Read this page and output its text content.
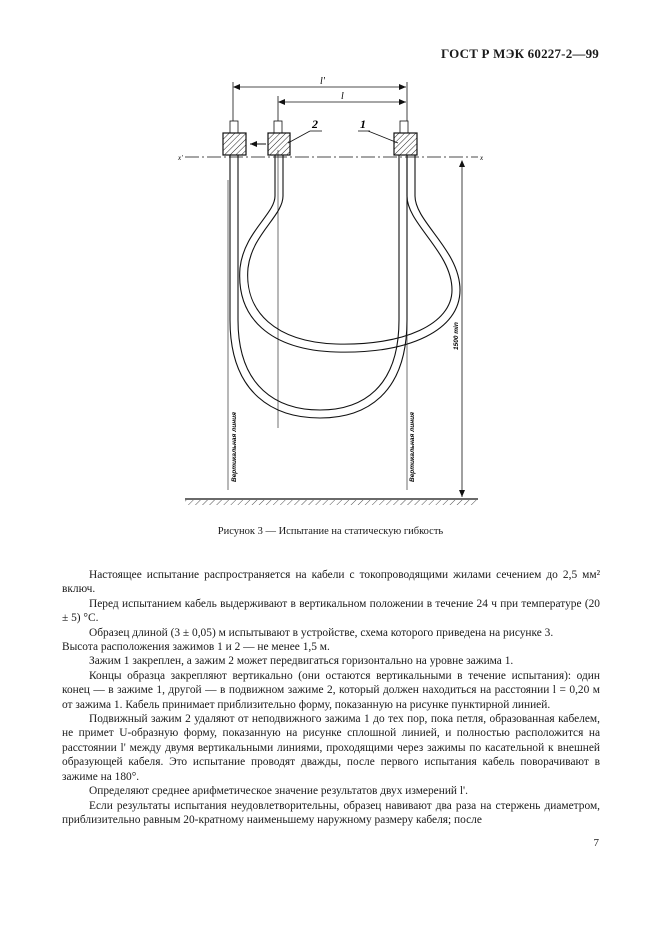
ГОСТ Р МЭК 60227-2—99
l'
l
x'	x
2	1
Вертикальная линия	Вертикальная линия
1500 min
Рисунок 3 — Испытание на статическую гибкость

Настоящее испытание распространяется на кабели с токопроводящими жилами сечением до 2,5 мм² включ.

Перед испытанием кабель выдерживают в вертикальном положении в течение 24 ч при температуре (20 ± 5) °C.

Образец длиной (3 ± 0,05) м испытывают в устройстве, схема которого приведена на рисунке 3.

Высота расположения зажимов 1 и 2 — не менее 1,5 м.

Зажим 1 закреплен, а зажим 2 может передвигаться горизонтально на уровне зажима 1.

Концы образца закрепляют вертикально (они остаются вертикальными в течение испытания): один конец — в зажиме 1, другой — в подвижном зажиме 2, который должен находиться на расстоянии l = 0,20 м от зажима 1. Кабель принимает приблизительно форму, показанную на рисунке пунктирной линией.

Подвижный зажим 2 удаляют от неподвижного зажима 1 до тех пор, пока петля, образованная кабелем, не примет U-образную форму, показанную на рисунке сплошной линией, и полностью расположится на расстоянии l' между двумя вертикальными линиями, проходящими через зажимы по касательной к внешней образующей кабеля. Это испытание проводят дважды, после первого испытания кабель поворачивают в зажиме на 180°.

Определяют среднее арифметическое значение результатов двух измерений l'.

Если результаты испытания неудовлетворительны, образец навивают два раза на стержень диаметром, приблизительно равным 20-кратному наименьшему наружному размеру кабеля; после

7
